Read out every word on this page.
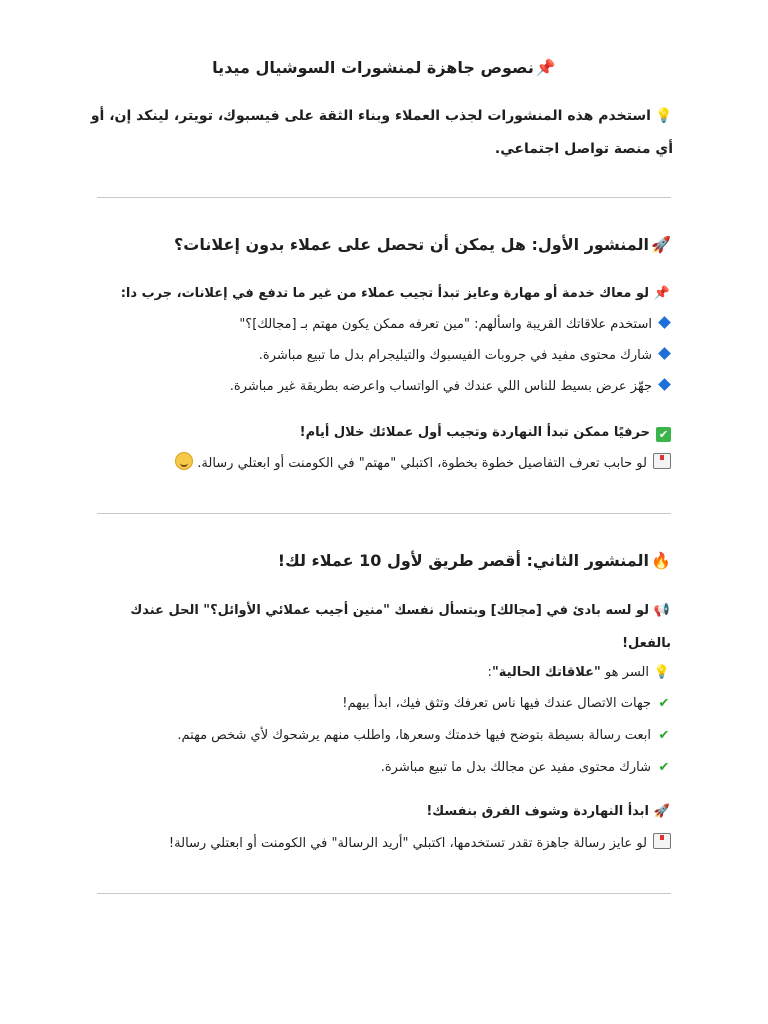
📌نصوص جاهزة لمنشورات السوشيال ميديا

💡استخدم هذه المنشورات لجذب العملاء وبناء الثقة على فيسبوك، تويتر، لينكد إن، أو أي منصة تواصل اجتماعي.

🚀المنشور الأول: هل يمكن أن تحصل على عملاء بدون إعلانات؟
📌لو معاك خدمة أو مهارة وعايز تبدأ تجيب عملاء من غير ما تدفع في إعلانات، جرب دا:
استخدم علاقاتك القريبة واسألهم: "مين تعرفه ممكن يكون مهتم بـ [مجالك]؟"
شارك محتوى مفيد في جروبات الفيسبوك والتيليجرام بدل ما تبيع مباشرة.
جهّز عرض بسيط للناس اللي عندك في الواتساب واعرضه بطريقة غير مباشرة.
✔حرفيًا ممكن تبدأ النهاردة وتجيب أول عملائك خلال أيام!
لو حابب تعرف التفاصيل خطوة بخطوة، اكتبلي "مهتم" في الكومنت أو ابعتلي رسالة.
🔥المنشور الثاني: أقصر طريق لأول 10 عملاء لك!
📢لو لسه بادئ في [مجالك] وبتسأل نفسك "منين أجيب عملائي الأوائل؟" الحل عندك بالفعل!
💡السر هو "علاقاتك الحالية":
✔جهات الاتصال عندك فيها ناس تعرفك وتثق فيك، ابدأ بيهم!
✔ابعت رسالة بسيطة بتوضح فيها خدمتك وسعرها، واطلب منهم يرشحوك لأي شخص مهتم.
✔شارك محتوى مفيد عن مجالك بدل ما تبيع مباشرة.
🚀ابدأ النهاردة وشوف الفرق بنفسك!
لو عايز رسالة جاهزة تقدر تستخدمها، اكتبلي "أريد الرسالة" في الكومنت أو ابعتلي رسالة!
